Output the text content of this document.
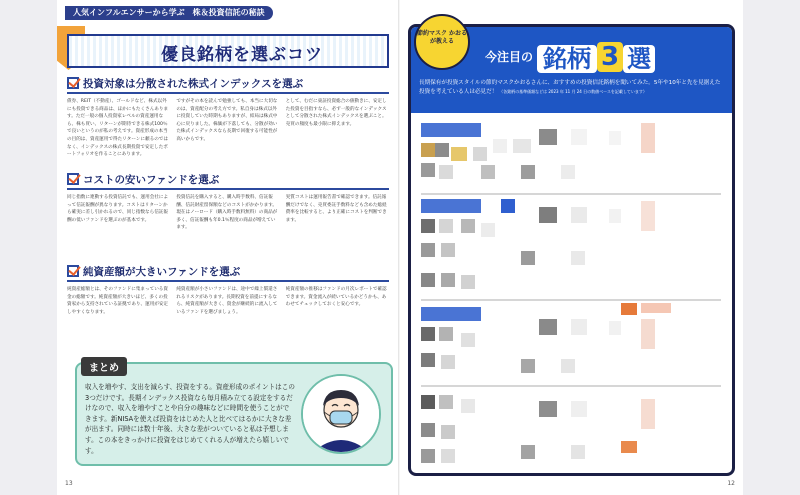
人気インフルエンサーから学ぶ　株＆投資信託の秘訣
優良銘柄を選ぶコツ
投資対象は分散された株式インデックスを選ぶ
債券、REIT（不動産）、ゴールドなど、株式以外にも投資できる商品は、ほかにもたくさんあります。ただ一般の個人投資家レベルの資産運用なら、株も買い、リターンが期待できる株式100％で良いというのが私の考えです。資産形成の本当の目的は、資産運用で得たリターンに頼るのではなく、インデックスの株式長期投資で安定したポートフォリオを作ることにあります。
ですがその本を読んで勉強しても、本当に大切なのは、資産配分の考え方です。私自身は株式以外に投資していた時期もありますが、結局は株式中心に戻りました。株価が下落しても、分散が効いた株式インデックスなら長期で回復する可能性が高いからです。
として、むだに東証投資総合の値動きに、安定した投資を目指すなら、必ず一般的なインデックスとして分散された株式インデックスを選ぶこと。売買の頻度も最小限に抑えます。
コストの安いファンドを選ぶ
同じ指数に連動する投資信託でも、運用会社によって信託報酬が異なります。コストはリターンから確実に差し引かれるので、同じ指数なら信託報酬の低いファンドを選ぶのが基本です。
投資信託を購入すると、購入時手数料、信託報酬、信託財産留保額などのコストがかかります。現在はノーロード（購入時手数料無料）の商品が多く、信託報酬も年0.1％程度の商品が増えています。
実質コストは運用報告書で確認できます。信託報酬だけでなく、売買委託手数料なども含めた総経費率を比較すると、より正確にコストを判断できます。
純資産額が大きいファンドを選ぶ
純資産総額とは、そのファンドに集まっている資金の総額です。純資産額が大きいほど、多くの投資家から支持されている証拠であり、運用が安定しやすくなります。
純資産額が小さいファンドは、途中で繰上償還されるリスクがあります。長期投資を前提にするなら、純資産額が大きく、資金が継続的に流入しているファンドを選びましょう。
純資産額の推移はファンドの月次レポートで確認できます。資金流入が続いているかどうかも、あわせてチェックしておくと安心です。
収入を増やす、支出を減らす、投資をする。資産形成のポイントはこの3つだけです。長期インデックス投資なら毎月積み立てる設定をするだけなので、収入を増やすことや自分の趣味などに時間を使うことができます。新NISAを使えば投資をはじめた人と比べてはるかに大きな差が出ます。同時には数十年後、大きな差がついていると私は予想します。この本をきっかけに投資をはじめてくれる人が増えたら嬉しいです。
まとめ
13
今注目の 銘柄 3 選
長期保有が投資スタイルの節約マスクかおるさんに、おすすめの投資信託銘柄を聞いてみた。5年や10年と先を見据えた投資を考えている人は必見だ！ （各銘柄の基準価額などは 2023 年 11 月 24 日の数値ベースを記載しています）
節約マスク かおるが教える
12
